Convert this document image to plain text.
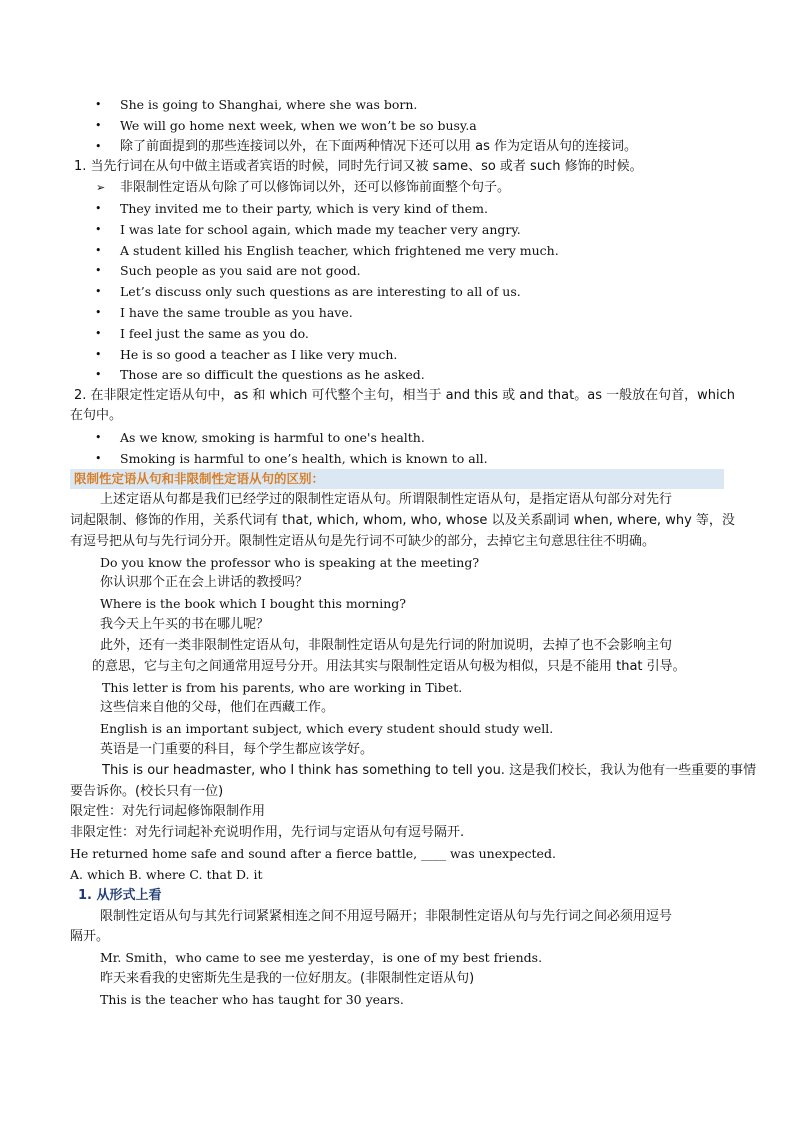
• She is going to Shanghai, where she was born.
• We will go home next week, when we won’t be so busy.a
• 除了前面提到的那些连接词以外，在下面两种情况下还可以用 as 作为定语从句的连接词。
1. 当先行词在从句中做主语或者宾语的时候，同时先行词又被 same、so 或者 such 修饰的时候。
➢ 非限制性定语从句除了可以修饰词以外，还可以修饰前面整个句子。
• They invited me to their party, which is very kind of them.
• I was late for school again, which made my teacher very angry.
• A student killed his English teacher, which frightened me very much.
• Such people as you said are not good.
• Let’s discuss only such questions as are interesting to all of us.
• I have the same trouble as you have.
• I feel just the same as you do.
• He is so good a teacher as I like very much.
• Those are so difficult the questions as he asked.
2. 在非限定性定语从句中，as 和 which 可代整个主句，相当于 and this 或 and that。as 一般放在句首，which
在句中。
• As we know, smoking is harmful to one's health.
• Smoking is harmful to one’s health, which is known to all.
限制性定语从句和非限制性定语从句的区别：
上述定语从句都是我们已经学过的限制性定语从句。所谓限制性定语从句，是指定语从句部分对先行
词起限制、修饰的作用，关系代词有 that, which, whom, who, whose 以及关系副词 when, where, why 等，没
有逗号把从句与先行词分开。限制性定语从句是先行词不可缺少的部分，去掉它主句意思往往不明确。
Do you know the professor who is speaking at the meeting?
你认识那个正在会上讲话的教授吗？
Where is the book which I bought this morning?
我今天上午买的书在哪儿呢？
此外，还有一类非限制性定语从句，非限制性定语从句是先行词的附加说明，去掉了也不会影响主句
的意思，它与主句之间通常用逗号分开。用法其实与限制性定语从句极为相似，只是不能用 that 引导。
This letter is from his parents, who are working in Tibet.
这些信来自他的父母，他们在西藏工作。
English is an important subject, which every student should study well.
英语是一门重要的科目，每个学生都应该学好。
This is our headmaster, who I think has something to tell you. 这是我们校长，我认为他有一些重要的事情
要告诉你。(校长只有一位)
限定性：对先行词起修饰限制作用
非限定性：对先行词起补充说明作用，先行词与定语从句有逗号隔开.
He returned home safe and sound after a fierce battle, ____ was unexpected.
A. which B. where C. that D. it
1. 从形式上看
限制性定语从句与其先行词紧紧相连之间不用逗号隔开；非限制性定语从句与先行词之间必须用逗号
隔开。
Mr. Smith，who came to see me yesterday，is one of my best friends.
昨天来看我的史密斯先生是我的一位好朋友。(非限制性定语从句)
This is the teacher who has taught for 30 years.
